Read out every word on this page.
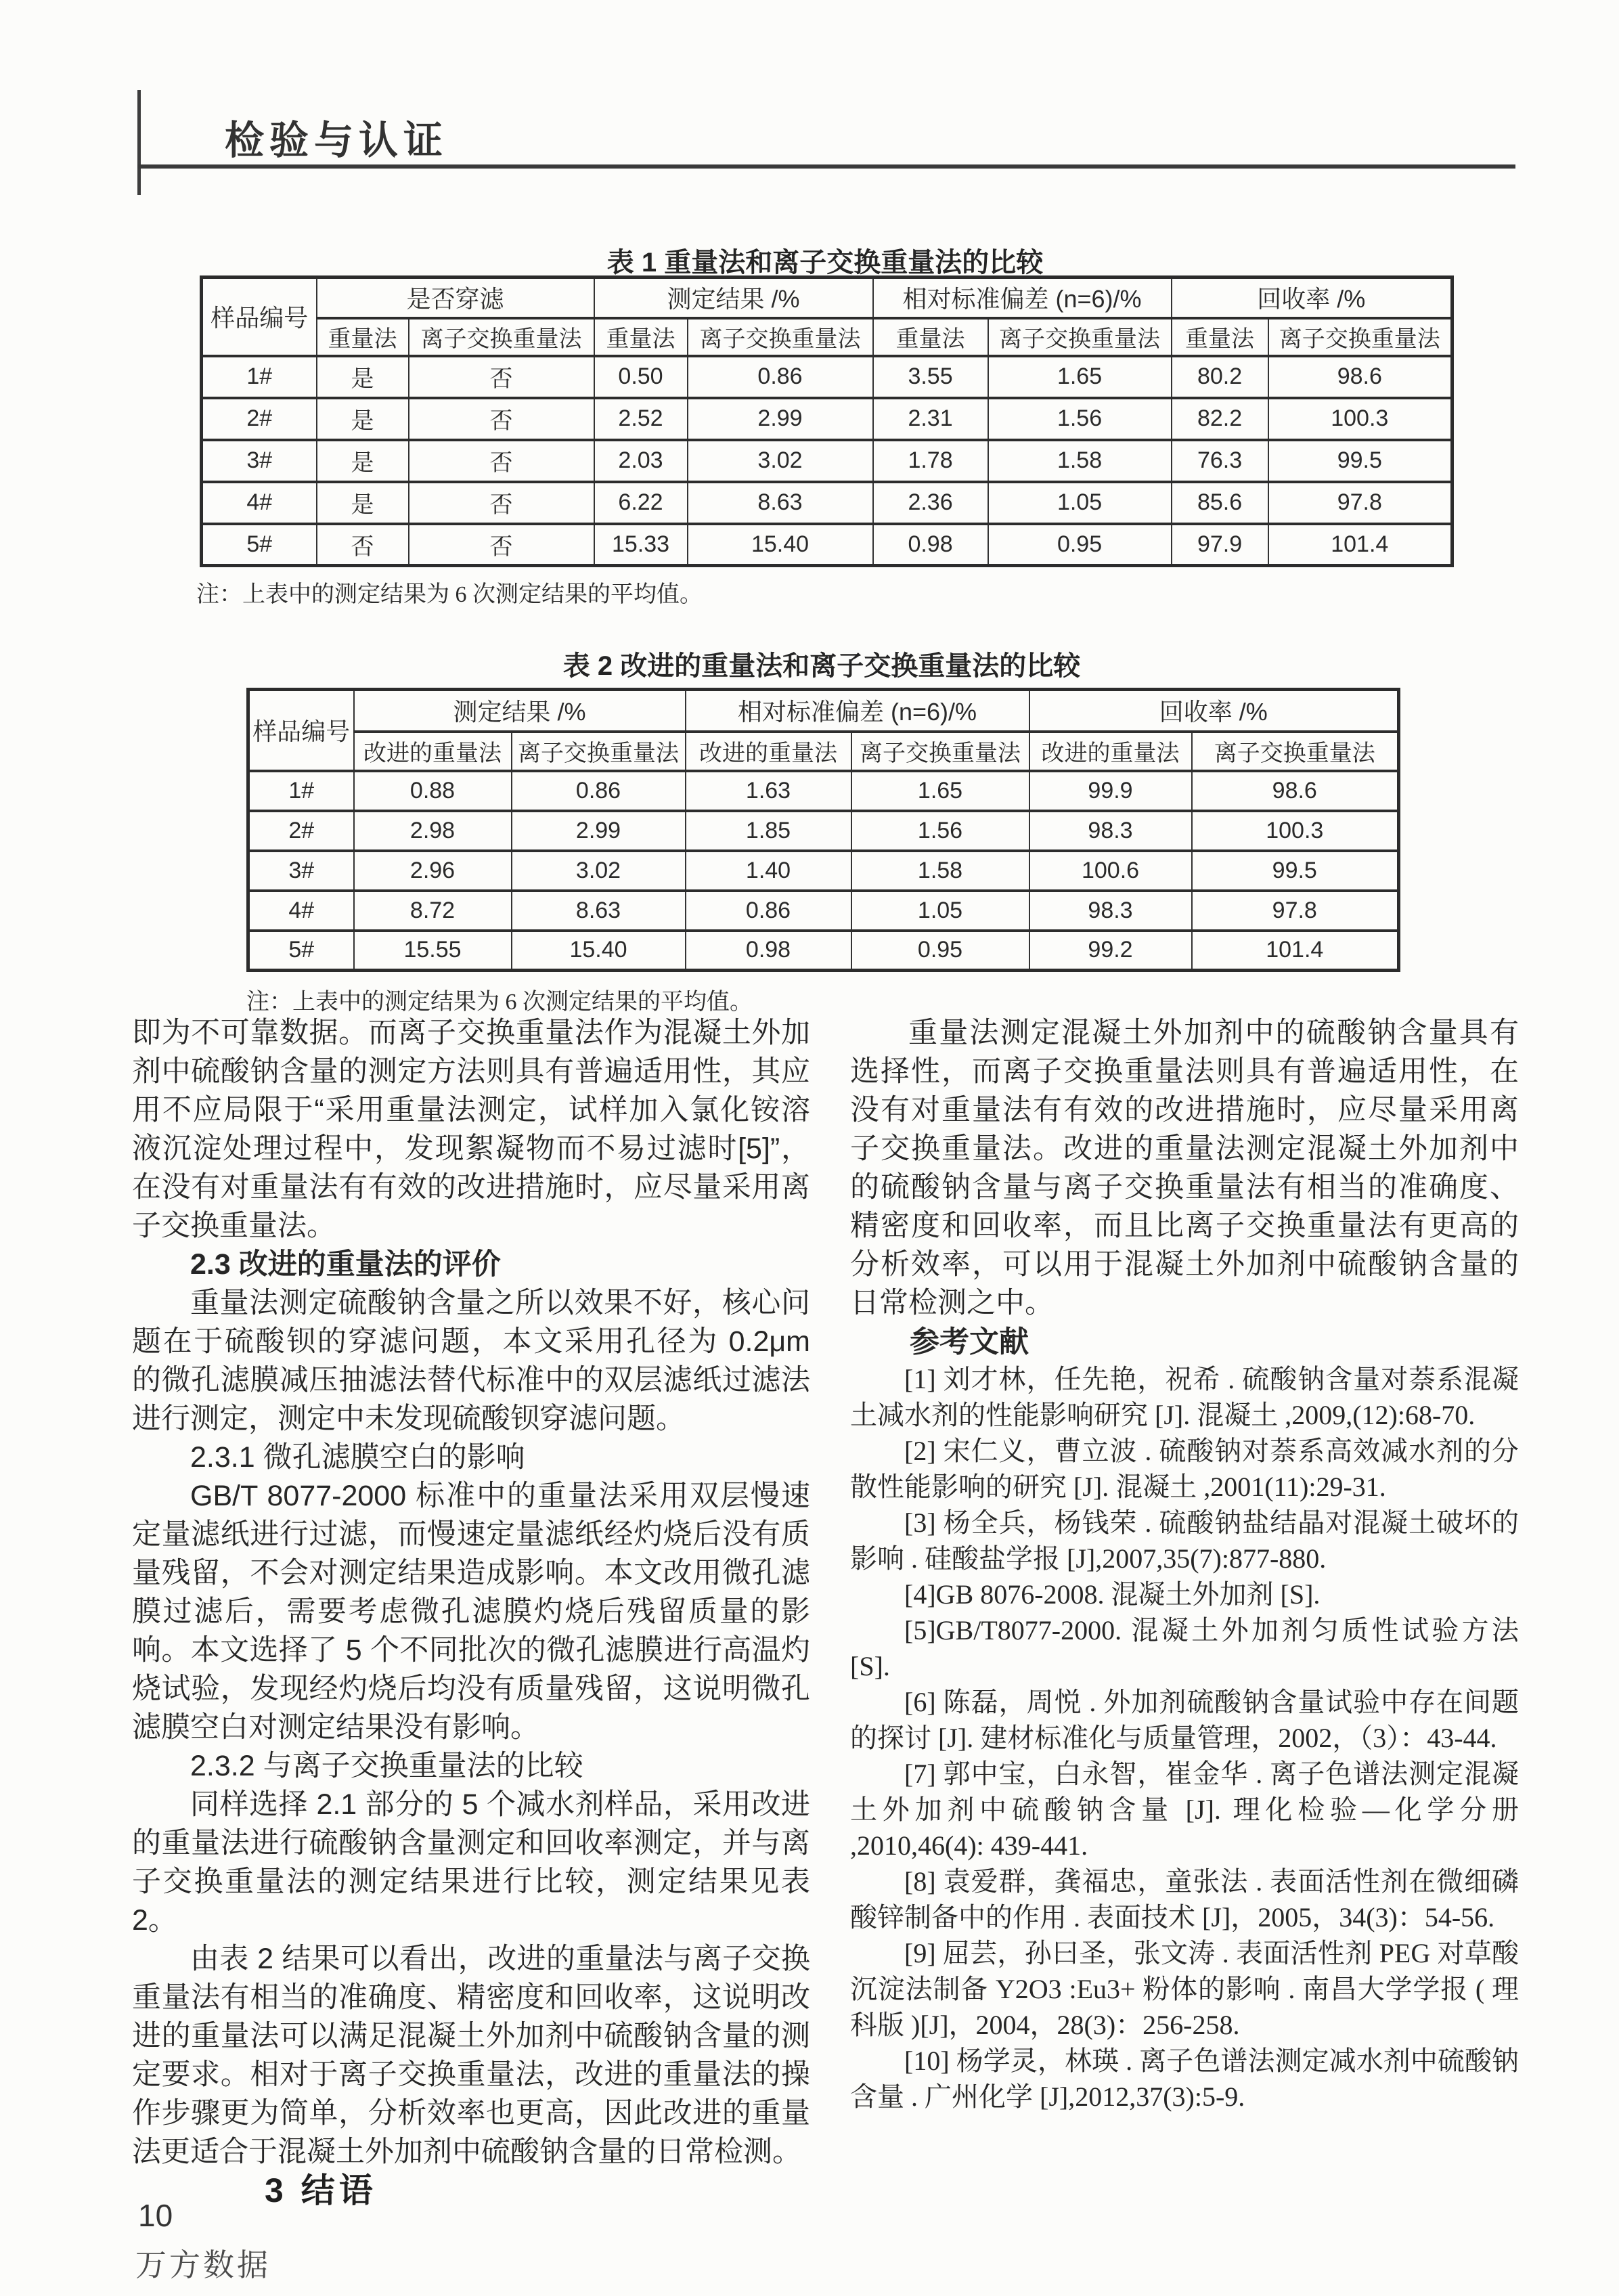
检验与认证
表 1 重量法和离子交换重量法的比较
样品编号	是否穿滤		测定结果 /%		相对标准偏差 (n=6)/%		回收率 /%	
	重量法	离子交换重量法	重量法	离子交换重量法	重量法	离子交换重量法	重量法	离子交换重量法
1#	是	否	0.50	0.86	3.55	1.65	80.2	98.6
2#	是	否	2.52	2.99	2.31	1.56	82.2	100.3
3#	是	否	2.03	3.02	1.78	1.58	76.3	99.5
4#	是	否	6.22	8.63	2.36	1.05	85.6	97.8
5#	否	否	15.33	15.40	0.98	0.95	97.9	101.4
注：上表中的测定结果为 6 次测定结果的平均值。
表 2 改进的重量法和离子交换重量法的比较
样品编号	测定结果 /%		相对标准偏差 (n=6)/%		回收率 /%	
	改进的重量法	离子交换重量法	改进的重量法	离子交换重量法	改进的重量法	离子交换重量法
1#	0.88	0.86	1.63	1.65	99.9	98.6
2#	2.98	2.99	1.85	1.56	98.3	100.3
3#	2.96	3.02	1.40	1.58	100.6	99.5
4#	8.72	8.63	0.86	1.05	98.3	97.8
5#	15.55	15.40	0.98	0.95	99.2	101.4
注：上表中的测定结果为 6 次测定结果的平均值。

即为不可靠数据。而离子交换重量法作为混凝土外加剂中硫酸钠含量的测定方法则具有普遍适用性，其应用不应局限于“采用重量法测定，试样加入氯化铵溶液沉淀处理过程中，发现絮凝物而不易过滤时[5]”，在没有对重量法有有效的改进措施时，应尽量采用离子交换重量法。

2.3 改进的重量法的评价

重量法测定硫酸钠含量之所以效果不好，核心问题在于硫酸钡的穿滤问题，本文采用孔径为 0.2μm 的微孔滤膜减压抽滤法替代标准中的双层滤纸过滤法进行测定，测定中未发现硫酸钡穿滤问题。

2.3.1 微孔滤膜空白的影响

GB/T 8077-2000 标准中的重量法采用双层慢速定量滤纸进行过滤，而慢速定量滤纸经灼烧后没有质量残留，不会对测定结果造成影响。本文改用微孔滤膜过滤后，需要考虑微孔滤膜灼烧后残留质量的影响。本文选择了 5 个不同批次的微孔滤膜进行高温灼烧试验，发现经灼烧后均没有质量残留，这说明微孔滤膜空白对测定结果没有影响。

2.3.2 与离子交换重量法的比较

同样选择 2.1 部分的 5 个减水剂样品，采用改进的重量法进行硫酸钠含量测定和回收率测定，并与离子交换重量法的测定结果进行比较，测定结果见表 2。

由表 2 结果可以看出，改进的重量法与离子交换重量法有相当的准确度、精密度和回收率，这说明改进的重量法可以满足混凝土外加剂中硫酸钠含量的测定要求。相对于离子交换重量法，改进的重量法的操作步骤更为简单，分析效率也更高，因此改进的重量法更适合于混凝土外加剂中硫酸钠含量的日常检测。

3 结语

重量法测定混凝土外加剂中的硫酸钠含量具有选择性，而离子交换重量法则具有普遍适用性，在没有对重量法有有效的改进措施时，应尽量采用离子交换重量法。改进的重量法测定混凝土外加剂中的硫酸钠含量与离子交换重量法有相当的准确度、精密度和回收率，而且比离子交换重量法有更高的分析效率，可以用于混凝土外加剂中硫酸钠含量的日常检测之中。

参考文献

[1] 刘才林，任先艳，祝希 . 硫酸钠含量对萘系混凝土减水剂的性能影响研究 [J]. 混凝土 ,2009,(12):68-70.

[2] 宋仁义，曹立波 . 硫酸钠对萘系高效减水剂的分散性能影响的研究 [J]. 混凝土 ,2001(11):29-31.

[3] 杨全兵，杨钱荣 . 硫酸钠盐结晶对混凝土破坏的影响 . 硅酸盐学报 [J],2007,35(7):877-880.

[4]GB 8076-2008. 混凝土外加剂 [S].

[5]GB/T8077-2000. 混凝土外加剂匀质性试验方法 [S].

[6] 陈磊，周悦 . 外加剂硫酸钠含量试验中存在间题的探讨 [J]. 建材标准化与质量管理，2002，（3）：43-44.

[7] 郭中宝，白永智，崔金华 . 离子色谱法测定混凝土外加剂中硫酸钠含量 [J]. 理化检验—化学分册 ,2010,46(4): 439-441.

[8] 袁爱群，龚福忠，童张法 . 表面活性剂在微细磷酸锌制备中的作用 . 表面技术 [J]，2005，34(3)：54-56.

[9] 屈芸，孙曰圣，张文涛 . 表面活性剂 PEG 对草酸沉淀法制备 Y2O3 :Eu3+ 粉体的影响 . 南昌大学学报 ( 理科版 )[J]，2004，28(3)：256-258.

[10] 杨学灵，林瑛 . 离子色谱法测定减水剂中硫酸钠含量 . 广州化学 [J],2012,37(3):5-9.

10
万方数据
